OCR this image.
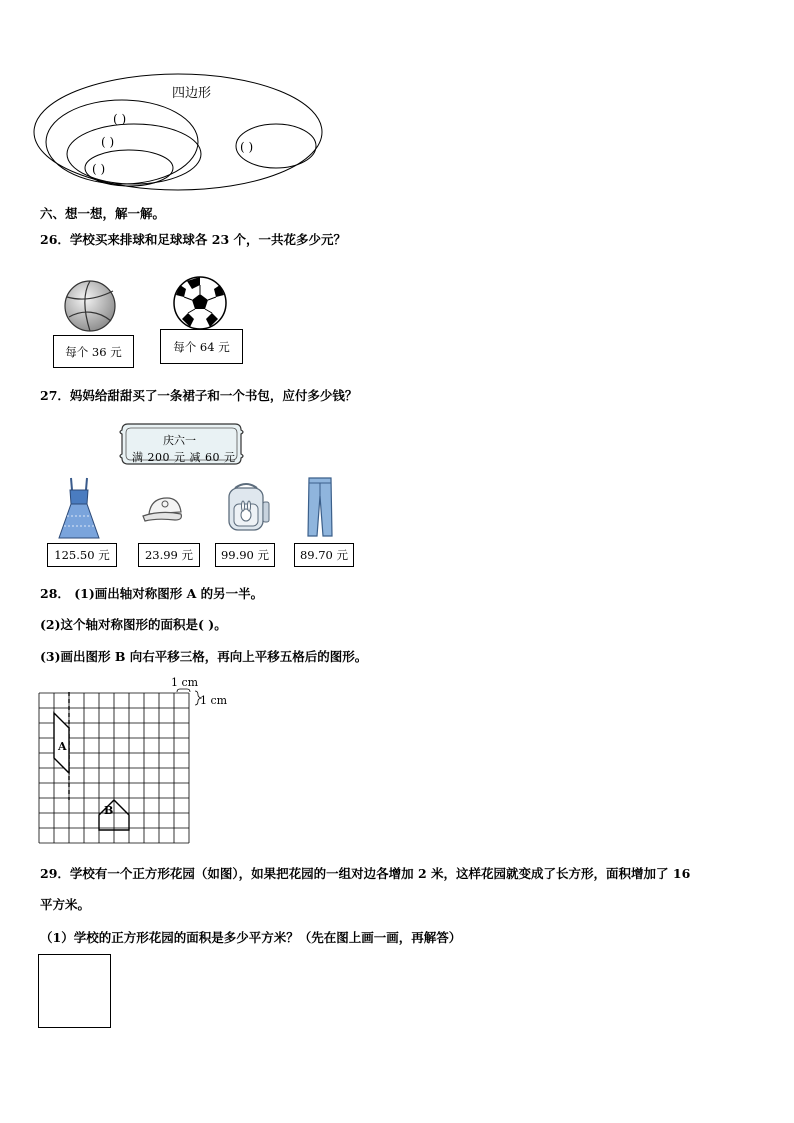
四边形
( )
( )
( )
( )
六、想一想，解一解。
26．学校买来排球和足球球各 23 个，一共花多少元？
每个 36 元	每个 64 元
27．妈妈给甜甜买了一条裙子和一个书包，应付多少钱？
庆六一
满 200 元 减 60 元
125.50 元	23.99 元	99.90 元	89.70 元
28． (1)画出轴对称图形 A 的另一半。
(2)这个轴对称图形的面积是( )。
(3)画出图形 B 向右平移三格，再向上平移五格后的图形。
A
B
1 cm
1 cm
29．学校有一个正方形花园（如图），如果把花园的一组对边各增加 2 米，这样花园就变成了长方形，面积增加了 16
平方米。
（1）学校的正方形花园的面积是多少平方米？（先在图上画一画，再解答）
